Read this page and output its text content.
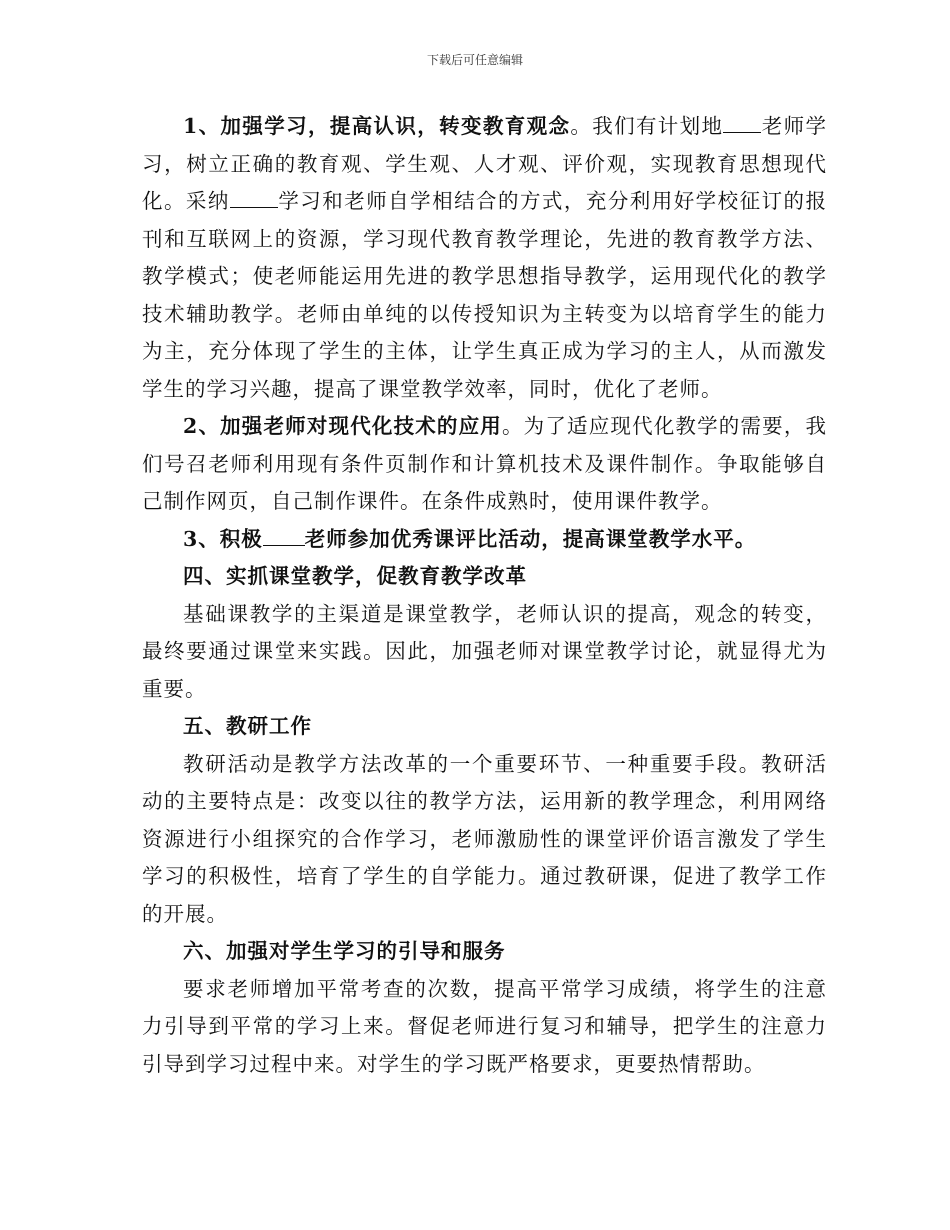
下载后可任意编辑

1、加强学习，提高认识，转变教育观念。我们有计划地 老师学习，树立正确的教育观、学生观、人才观、评价观，实现教育思想现代化。采纳 学习和老师自学相结合的方式，充分利用好学校征订的报刊和互联网上的资源，学习现代教育教学理论，先进的教育教学方法、教学模式；使老师能运用先进的教学思想指导教学，运用现代化的教学技术辅助教学。老师由单纯的以传授知识为主转变为以培育学生的能力为主，充分体现了学生的主体，让学生真正成为学习的主人，从而激发学生的学习兴趣，提高了课堂教学效率，同时，优化了老师。

2、加强老师对现代化技术的应用。为了适应现代化教学的需要，我们号召老师利用现有条件页制作和计算机技术及课件制作。争取能够自己制作网页，自己制作课件。在条件成熟时，使用课件教学。

3、积极 老师参加优秀课评比活动，提高课堂教学水平。

四、实抓课堂教学，促教育教学改革

基础课教学的主渠道是课堂教学，老师认识的提高，观念的转变，最终要通过课堂来实践。因此，加强老师对课堂教学讨论，就显得尤为重要。

五、教研工作

教研活动是教学方法改革的一个重要环节、一种重要手段。教研活动的主要特点是：改变以往的教学方法，运用新的教学理念，利用网络资源进行小组探究的合作学习，老师激励性的课堂评价语言激发了学生学习的积极性，培育了学生的自学能力。通过教研课，促进了教学工作的开展。

六、加强对学生学习的引导和服务

要求老师增加平常考查的次数，提高平常学习成绩，将学生的注意力引导到平常的学习上来。督促老师进行复习和辅导，把学生的注意力引导到学习过程中来。对学生的学习既严格要求，更要热情帮助。
